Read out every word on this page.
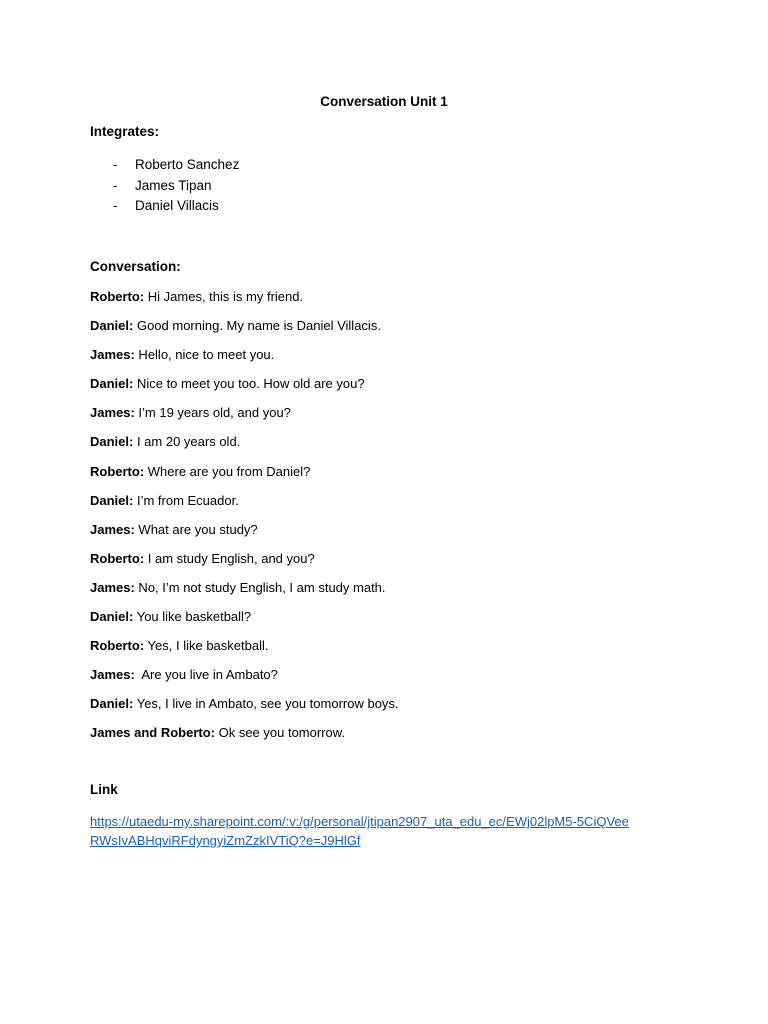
Conversation Unit 1
Integrates:
- Roberto Sanchez
- James Tipan
- Daniel Villacis
Conversation:
Roberto: Hi James, this is my friend.
Daniel: Good morning. My name is Daniel Villacis.
James: Hello, nice to meet you.
Daniel: Nice to meet you too. How old are you?
James: I’m 19 years old, and you?
Daniel: I am 20 years old.
Roberto: Where are you from Daniel?
Daniel: I’m from Ecuador.
James: What are you study?
Roberto: I am study English, and you?
James: No, I’m not study English, I am study math.
Daniel: You like basketball?
Roberto: Yes, I like basketball.
James:  Are you live in Ambato?
Daniel: Yes, I live in Ambato, see you tomorrow boys.
James and Roberto: Ok see you tomorrow.
Link
https://utaedu-my.sharepoint.com/:v:/g/personal/jtipan2907_uta_edu_ec/EWj02lpM5-5CiQVeeRWsIvABHqviRFdyngyiZmZzkIVTiQ?e=J9HlGf
